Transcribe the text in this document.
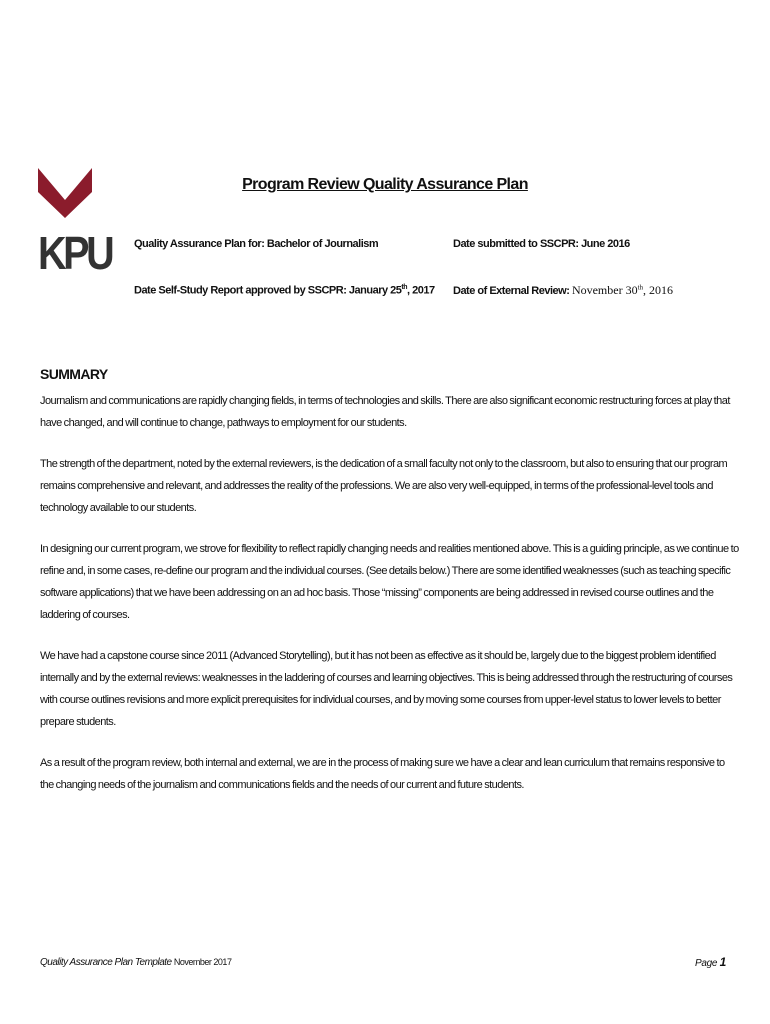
KPU
Program Review Quality Assurance Plan
Quality Assurance Plan for: Bachelor of Journalism	Date submitted to SSCPR: June 2016
Date Self-Study Report approved by SSCPR: January 25th, 2017 Date of External Review: November 30th, 2016
SUMMARY

Journalism and communications are rapidly changing fields, in terms of technologies and skills. There are also significant economic restructuring forces at play that have changed, and will continue to change, pathways to employment for our students.

The strength of the department, noted by the external reviewers, is the dedication of a small faculty not only to the classroom, but also to ensuring that our program remains comprehensive and relevant, and addresses the reality of the professions. We are also very well-equipped, in terms of the professional-level tools and technology available to our students.

In designing our current program, we strove for flexibility to reflect rapidly changing needs and realities mentioned above. This is a guiding principle, as we continue to refine and, in some cases, re-define our program and the individual courses. (See details below.) There are some identified weaknesses (such as teaching specific software applications) that we have been addressing on an ad hoc basis. Those “missing” components are being addressed in revised course outlines and the laddering of courses.

We have had a capstone course since 2011 (Advanced Storytelling), but it has not been as effective as it should be, largely due to the biggest problem identified internally and by the external reviews: weaknesses in the laddering of courses and learning objectives. This is being addressed through the restructuring of courses with course outlines revisions and more explicit prerequisites for individual courses, and by moving some courses from upper-level status to lower levels to better prepare students.

As a result of the program review, both internal and external, we are in the process of making sure we have a clear and lean curriculum that remains responsive to the changing needs of the journalism and communications fields and the needs of our current and future students.

Quality Assurance Plan Template November 2017	Page 1
